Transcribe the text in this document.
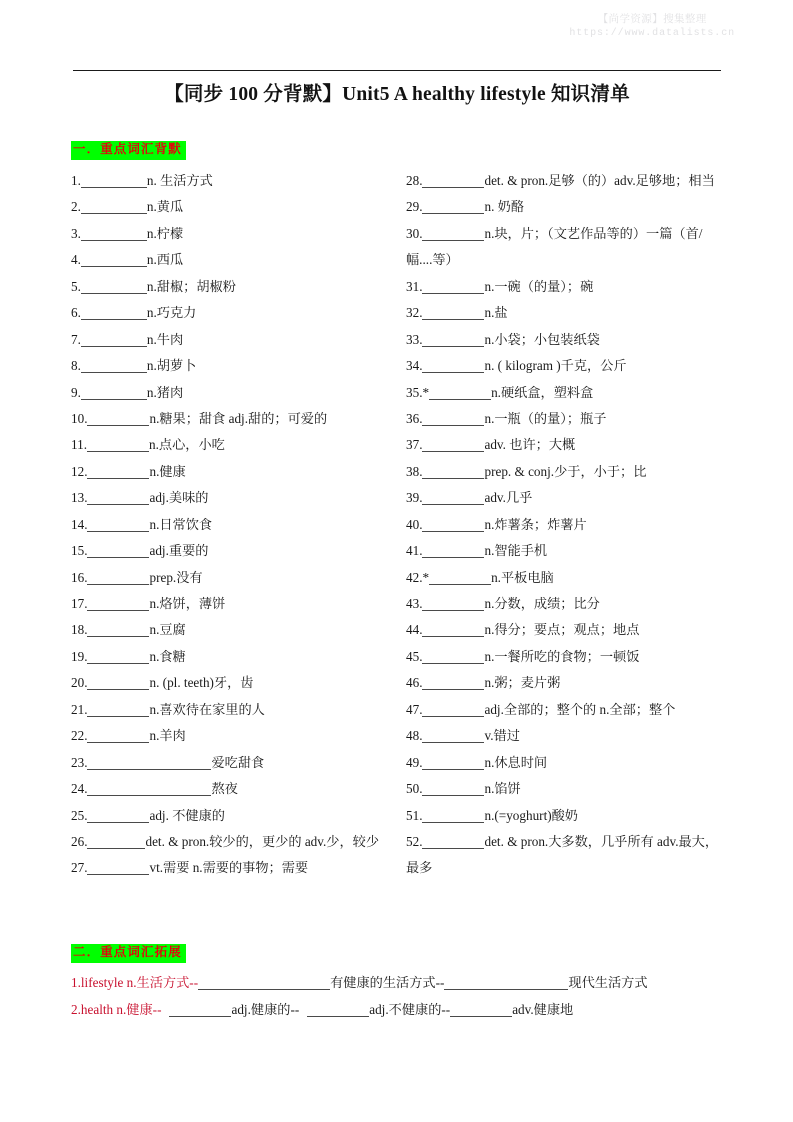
【尚学资源】搜集整理
https://www.datalists.cn
【同步 100 分背默】Unit5 A healthy lifestyle 知识清单
一．重点词汇背默
1.	n. 生活方式
2.	n.黄瓜
3.	n.柠檬
4.	n.西瓜
5.	n.甜椒；胡椒粉
6.	n.巧克力
7.	n.牛肉
8.	n.胡萝卜
9.	n.猪肉
10.	n.糖果；甜食 adj.甜的；可爱的
11.	n.点心，小吃
12.	n.健康
13.	adj.美味的
14.	n.日常饮食
15.	adj.重要的
16.	prep.没有
17.	n.烙饼，薄饼
18.	n.豆腐
19.	n.食糖
20.	n. (pl. teeth)牙，齿
21.	n.喜欢待在家里的人
22.	n.羊肉
23.	爱吃甜食
24.	熬夜
25.	adj. 不健康的
26.	det. & pron.较少的，更少的 adv.少，较少
27.	vt.需要 n.需要的事物；需要
28.	det. & pron.足够（的）adv.足够地；相当
29.	n. 奶酪
30.	n.块，片；（文艺作品等的）一篇（首/幅....等）
31.	n.一碗（的量）；碗
32.	n.盐
33.	n.小袋；小包装纸袋
34.	n. ( kilogram )千克，公斤
35.*	n.硬纸盒，塑料盒
36.	n.一瓶（的量）；瓶子
37.	adv. 也许；大概
38.	prep. & conj.少于，小于；比
39.	adv.几乎
40.	n.炸薯条；炸薯片
41.	n.智能手机
42.*	n.平板电脑
43.	n.分数，成绩；比分
44.	n.得分；要点；观点；地点
45.	n.一餐所吃的食物；一顿饭
46.	n.粥；麦片粥
47.	adj.全部的；整个的 n.全部；整个
48.	v.错过
49.	n.休息时间
50.	n.馅饼
51.	n.(=yoghurt)酸奶
52.	det. & pron.大多数，几乎所有 adv.最大，最多
二．重点词汇拓展
1.lifestyle n.生活方式--	有健康的生活方式--	现代生活方式
2.health n.健康--	adj.健康的--	adj.不健康的--	adv.健康地
